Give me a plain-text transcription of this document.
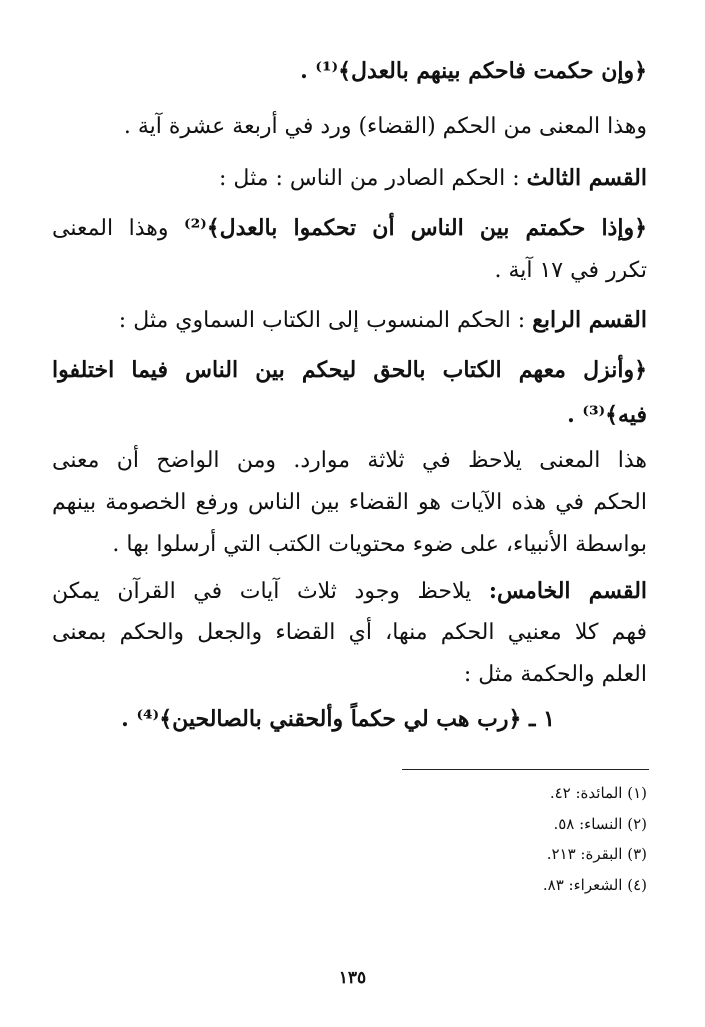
﴿وإن حكمت فاحكم بينهم بالعدل﴾⁽¹⁾ .
وهذا المعنى من الحكم (القضاء) ورد في أربعة عشرة آية .
القسم الثالث : الحكم الصادر من الناس : مثل :
﴿وإذا حكمتم بين الناس أن تحكموا بالعدل﴾⁽²⁾ وهذا المعنى
تكرر في ١٧ آية .
القسم الرابع : الحكم المنسوب إلى الكتاب السماوي مثل :
﴿وأنزل معهم الكتاب بالحق ليحكم بين الناس فيما اختلفوا
فيه﴾⁽³⁾ .
هذا المعنى يلاحظ في ثلاثة موارد. ومن الواضح أن معنى
الحكم في هذه الآيات هو القضاء بين الناس ورفع الخصومة بينهم
بواسطة الأنبياء، على ضوء محتويات الكتب التي أرسلوا بها .
القسم الخامس: يلاحظ وجود ثلاث آيات في القرآن يمكن
فهم كلا معنيي الحكم منها، أي القضاء والجعل والحكم بمعنى
العلم والحكمة مثل :
١ ـ ﴿رب هب لي حكماً وألحقني بالصالحين﴾⁽⁴⁾ .
(١) المائدة: ٤٢.
(٢) النساء: ٥٨.
(٣) البقرة: ٢١٣.
(٤) الشعراء: ٨٣.
١٣٥
